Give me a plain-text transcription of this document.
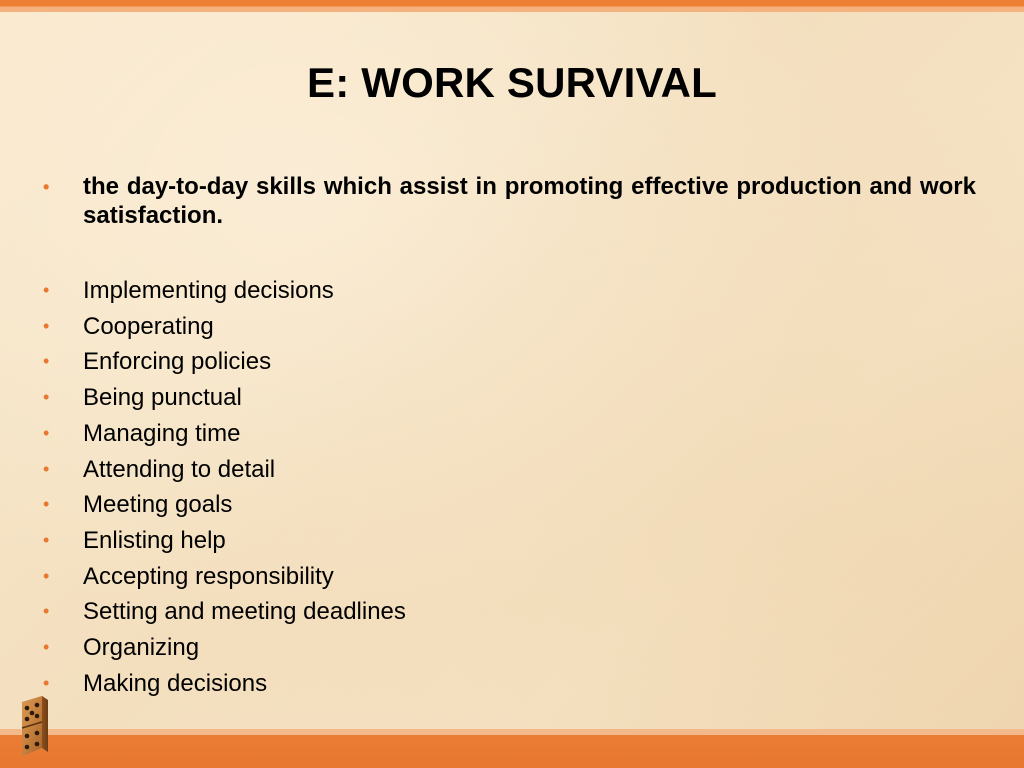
E: WORK SURVIVAL
• the day-to-day skills which assist in promoting effective production and work satisfaction.
• Implementing decisions
• Cooperating
• Enforcing policies
• Being punctual
• Managing time
• Attending to detail
• Meeting goals
• Enlisting help
• Accepting responsibility
• Setting and meeting deadlines
• Organizing
• Making decisions
